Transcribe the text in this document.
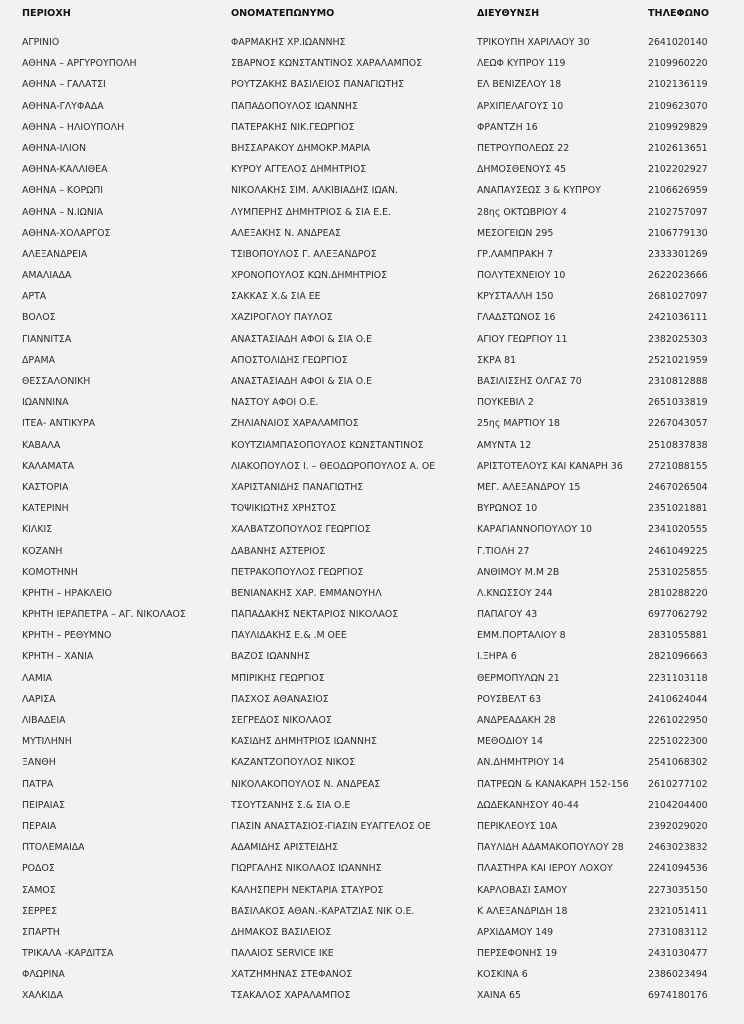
ΠΕΡΙΟΧΗ	ΟΝΟΜΑΤΕΠΩΝΥΜΟ	ΔΙΕΥΘΥΝΣΗ	ΤΗΛΕΦΩΝΟ
ΑΓΡΙΝΙΟ	ΦΑΡΜΑΚΗΣ ΧΡ.ΙΩΑΝΝΗΣ	ΤΡΙΚΟΥΠΗ ΧΑΡΙΛΑΟΥ 30	2641020140
ΑΘΗΝΑ – ΑΡΓΥΡΟΥΠΟΛΗ	ΣΒΑΡΝΟΣ ΚΩΝΣΤΑΝΤΙΝΟΣ ΧΑΡΑΛΑΜΠΟΣ	ΛΕΩΦ ΚΥΠΡΟΥ 119	2109960220
ΑΘΗΝΑ – ΓΑΛΑΤΣΙ	ΡΟΥΤΖΑΚΗΣ ΒΑΣΙΛΕΙΟΣ ΠΑΝΑΓΙΩΤΗΣ	ΕΛ ΒΕΝΙΖΕΛΟΥ 18	2102136119
ΑΘΗΝΑ-ΓΛΥΦΑΔΑ	ΠΑΠΑΔΟΠΟΥΛΟΣ ΙΩΑΝΝΗΣ	ΑΡΧΙΠΕΛΑΓΟΥΣ 10	2109623070
ΑΘΗΝΑ – ΗΛΙΟΥΠΟΛΗ	ΠΑΤΕΡΑΚΗΣ ΝΙΚ.ΓΕΩΡΓΙΟΣ	ΦΡΑΝΤΖΗ 16	2109929829
ΑΘΗΝΑ-ΙΛΙΟΝ	ΒΗΣΣΑΡΑΚΟΥ ΔΗΜΟΚΡ.ΜΑΡΙΑ	ΠΕΤΡΟΥΠΟΛΕΩΣ 22	2102613651
ΑΘΗΝΑ-ΚΑΛΛΙΘΕΑ	ΚΥΡΟΥ ΑΓΓΕΛΟΣ ΔΗΜΗΤΡΙΟΣ	ΔΗΜΟΣΘΕΝΟΥΣ 45	2102202927
ΑΘΗΝΑ – ΚΟΡΩΠΙ	ΝΙΚΟΛΑΚΗΣ ΣΙΜ. ΑΛΚΙΒΙΑΔΗΣ ΙΩΑΝ.	ΑΝΑΠΑΥΣΕΩΣ 3 & ΚΥΠΡΟΥ	2106626959
ΑΘΗΝΑ – Ν.ΙΩΝΙΑ	ΛΥΜΠΕΡΗΣ ΔΗΜΗΤΡΙΟΣ & ΣΙΑ Ε.Ε.	28ης ΟΚΤΩΒΡΙΟΥ 4	2102757097
ΑΘΗΝΑ-ΧΟΛΑΡΓΟΣ	ΑΛΕΞΑΚΗΣ Ν. ΑΝΔΡΕΑΣ	ΜΕΣΟΓΕΙΩΝ 295	2106779130
ΑΛΕΞΑΝΔΡΕΙΑ	ΤΣΙΒΟΠΟΥΛΟΣ Γ. ΑΛΕΞΑΝΔΡΟΣ	ΓΡ.ΛΑΜΠΡΑΚΗ 7	2333301269
ΑΜΑΛΙΑΔΑ	ΧΡΟΝΟΠΟΥΛΟΣ ΚΩΝ.ΔΗΜΗΤΡΙΟΣ	ΠΟΛΥΤΕΧΝΕΙΟΥ 10	2622023666
ΑΡΤΑ	ΣΑΚΚΑΣ Χ.& ΣΙΑ ΕΕ	ΚΡΥΣΤΑΛΛΗ 150	2681027097
ΒΟΛΟΣ	ΧΑΖΙΡΟΓΛΟΥ ΠΑΥΛΟΣ	ΓΛΑΔΣΤΩΝΟΣ 16	2421036111
ΓΙΑΝΝΙΤΣΑ	ΑΝΑΣΤΑΣΙΑΔΗ ΑΦΟΙ & ΣΙΑ Ο.Ε	ΑΓΙΟΥ ΓΕΩΡΓΙΟΥ 11	2382025303
ΔΡΑΜΑ	ΑΠΟΣΤΟΛΙΔΗΣ ΓΕΩΡΓΙΟΣ	ΣΚΡΑ 81	2521021959
ΘΕΣΣΑΛΟΝΙΚΗ	ΑΝΑΣΤΑΣΙΑΔΗ ΑΦΟΙ & ΣΙΑ Ο.Ε	ΒΑΣΙΛΙΣΣΗΣ ΟΛΓΑΣ 70	2310812888
ΙΩΑΝΝΙΝΑ	ΝΑΣΤΟΥ ΑΦΟΙ Ο.Ε.	ΠΟΥΚΕΒΙΛ 2	2651033819
ΙΤΕΑ- ΑΝΤΙΚΥΡΑ	ΖΗΛΙΑΝΑΙΟΣ ΧΑΡΑΛΑΜΠΟΣ	25ης ΜΑΡΤΙΟΥ 18	2267043057
ΚΑΒΑΛΑ	ΚΟΥΤΖΙΑΜΠΑΣΟΠΟΥΛΟΣ ΚΩΝΣΤΑΝΤΙΝΟΣ	ΑΜΥΝΤΑ 12	2510837838
ΚΑΛΑΜΑΤΑ	ΛΙΑΚΟΠΟΥΛΟΣ Ι. – ΘΕΟΔΩΡΟΠΟΥΛΟΣ Α. ΟΕ	ΑΡΙΣΤΟΤΕΛΟΥΣ ΚΑΙ ΚΑΝΑΡΗ 36	2721088155
ΚΑΣΤΟΡΙΑ	ΧΑΡΙΣΤΑΝΙΔΗΣ ΠΑΝΑΓΙΩΤΗΣ	ΜΕΓ. ΑΛΕΞΑΝΔΡΟΥ 15	2467026504
ΚΑΤΕΡΙΝΗ	ΤΟΨΙΚΙΩΤΗΣ ΧΡΗΣΤΟΣ	ΒΥΡΩΝΟΣ 10	2351021881
ΚΙΛΚΙΣ	ΧΑΛΒΑΤΖΟΠΟΥΛΟΣ ΓΕΩΡΓΙΟΣ	ΚΑΡΑΓΙΑΝΝΟΠΟΥΛΟΥ 10	2341020555
ΚΟΖΑΝΗ	ΔΑΒΑΝΗΣ ΑΣΤΕΡΙΟΣ	Γ.ΤΙΟΛΗ 27	2461049225
ΚΟΜΟΤΗΝΗ	ΠΕΤΡΑΚΟΠΟΥΛΟΣ ΓΕΩΡΓΙΟΣ	ΑΝΘΙΜΟΥ Μ.Μ 2Β	2531025855
ΚΡΗΤΗ – ΗΡΑΚΛΕΙΟ	ΒΕΝΙΑΝΑΚΗΣ ΧΑΡ. ΕΜΜΑΝΟΥΗΛ	Λ.ΚΝΩΣΣΟΥ 244	2810288220
ΚΡΗΤΗ ΙΕΡΑΠΕΤΡΑ – ΑΓ. ΝΙΚΟΛΑΟΣ	ΠΑΠΑΔΑΚΗΣ ΝΕΚΤΑΡΙΟΣ ΝΙΚΟΛΑΟΣ	ΠΑΠΑΓΟΥ 43	6977062792
ΚΡΗΤΗ – ΡΕΘΥΜΝΟ	ΠΑΥΛΙΔΑΚΗΣ Ε.& .Μ ΟΕΕ	ΕΜΜ.ΠΟΡΤΑΛΙΟΥ 8	2831055881
ΚΡΗΤΗ – ΧΑΝΙΑ	ΒΑΖΟΣ ΙΩΑΝΝΗΣ	Ι.ΞΗΡΑ 6	2821096663
ΛΑΜΙΑ	ΜΠΙΡΙΚΗΣ ΓΕΩΡΓΙΟΣ	ΘΕΡΜΟΠΥΛΩΝ 21	2231103118
ΛΑΡΙΣΑ	ΠΑΣΧΟΣ ΑΘΑΝΑΣΙΟΣ	ΡΟΥΣΒΕΛΤ 63	2410624044
ΛΙΒΑΔΕΙΑ	ΣΕΓΡΕΔΟΣ ΝΙΚΟΛΑΟΣ	ΑΝΔΡΕΑΔΑΚΗ 28	2261022950
ΜΥΤΙΛΗΝΗ	ΚΑΣΙΔΗΣ ΔΗΜΗΤΡΙΟΣ ΙΩΑΝΝΗΣ	ΜΕΘΟΔΙΟΥ 14	2251022300
ΞΑΝΘΗ	ΚΑΖΑΝΤΖΟΠΟΥΛΟΣ ΝΙΚΟΣ	ΑΝ.ΔΗΜΗΤΡΙΟΥ 14	2541068302
ΠΑΤΡΑ	ΝΙΚΟΛΑΚΟΠΟΥΛΟΣ Ν. ΑΝΔΡΕΑΣ	ΠΑΤΡΕΩΝ & ΚΑΝΑΚΑΡΗ 152-156	2610277102
ΠΕΙΡΑΙΑΣ	ΤΣΟΥΤΣΑΝΗΣ Σ.& ΣΙΑ Ο.Ε	ΔΩΔΕΚΑΝΗΣΟΥ 40-44	2104204400
ΠΕΡΑΙΑ	ΓΙΑΣΙΝ ΑΝΑΣΤΑΣΙΟΣ-ΓΙΑΣΙΝ ΕΥΑΓΓΕΛΟΣ ΟΕ	ΠΕΡΙΚΛΕΟΥΣ 10Α	2392029020
ΠΤΟΛΕΜΑΙΔΑ	ΑΔΑΜΙΔΗΣ ΑΡΙΣΤΕΙΔΗΣ	ΠΑΥΛΙΔΗ ΑΔΑΜΑΚΟΠΟΥΛΟΥ 28	2463023832
ΡΟΔΟΣ	ΓΙΩΡΓΑΛΗΣ ΝΙΚΟΛΑΟΣ ΙΩΑΝΝΗΣ	ΠΛΑΣΤΗΡΑ ΚΑΙ ΙΕΡΟΥ ΛΟΧΟΥ	2241094536
ΣΑΜΟΣ	ΚΑΛΗΣΠΕΡΗ ΝΕΚΤΑΡΙΑ ΣΤΑΥΡΟΣ	ΚΑΡΛΟΒΑΣΙ ΣΑΜΟΥ	2273035150
ΣΕΡΡΕΣ	ΒΑΣΙΛΑΚΟΣ ΑΘΑΝ.-ΚΑΡΑΤΖΙΑΣ ΝΙΚ Ο.Ε.	Κ ΑΛΕΞΑΝΔΡΙΔΗ 18	2321051411
ΣΠΑΡΤΗ	ΔΗΜΑΚΟΣ ΒΑΣΙΛΕΙΟΣ	ΑΡΧΙΔΑΜΟΥ 149	2731083112
ΤΡΙΚΑΛΑ -ΚΑΡΔΙΤΣΑ	ΠΑΛΑΙΟΣ SERVICE ΙΚΕ	ΠΕΡΣΕΦΟΝΗΣ 19	2431030477
ΦΛΩΡΙΝΑ	ΧΑΤΖΗΜΗΝΑΣ ΣΤΕΦΑΝΟΣ	ΚΟΣΚΙΝΑ 6	2386023494
ΧΑΛΚΙΔΑ	ΤΣΑΚΑΛΟΣ ΧΑΡΑΛΑΜΠΟΣ	ΧΑΙΝΑ 65	6974180176
